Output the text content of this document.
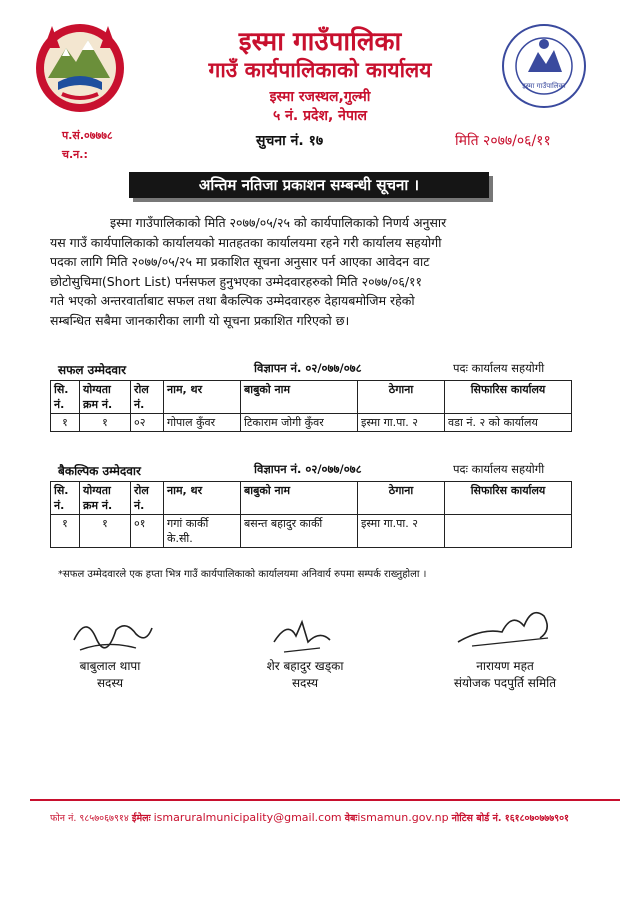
इस्मा गाउँपालिका
इस्मा गाउँपालिका
गाउँ कार्यपालिकाको कार्यालय
इस्मा रजस्थल,गुल्मी
५ नं. प्रदेश, नेपाल
प.सं.०७७७८
च.न.:
सुचना नं. १७	मिति २०७७/०६/११
अन्तिम नतिजा प्रकाशन सम्बन्धी सूचना ।
इस्मा गाउँपालिकाको मिति २०७७/०५/२५ को कार्यपालिकाको निणर्य अनुसार
यस गाउँ कार्यपालिकाको कार्यालयको मातहतका कार्यालयमा रहने गरी कार्यालय सहयोगी
पदका लागि मिति २०७७/०५/२५ मा प्रकाशित सूचना अनुसार पर्न आएका आवेदन वाट
छोटोसुचिमा(Short List) पर्नसफल हुनुभएका उम्मेदवारहरुको मिति २०७७/०६/११
गते भएको अन्तरवार्ताबाट सफल तथा बैकल्पिक उम्मेदवारहरु देहायबमोजिम रहेको
सम्बन्धित सबैमा जानकारीका लागी यो सूचना प्रकाशित गरिएको छ।
सफल उम्मेदवार	विज्ञापन नं. ०२/०७७/०७८	पदः कार्यालय सहयोगी
सि. नं.	योग्यता क्रम नं.	रोल नं.	नाम, थर	बाबुको नाम	ठेगाना	सिफारिस कार्यालय
१	१	०२	गोपाल कुँवर	टिकाराम जोगी कुँवर	इस्मा गा.पा. २	वडा नं. २ को कार्यालय
बैकल्पिक उम्मेदवार	विज्ञापन नं. ०२/०७७/०७८	पदः कार्यालय सहयोगी
सि. नं.	योग्यता क्रम नं.	रोल नं.	नाम, थर	बाबुको नाम	ठेगाना	सिफारिस कार्यालय
१	१	०१	गगां कार्की के.सी.	बसन्त बहादुर कार्की	इस्मा गा.पा. २	
*सफल उम्मेदवारले एक हप्ता भित्र गाउँ कार्यपालिकाको कार्यालयमा अनिवार्य रुपमा सम्पर्क राख्नुहोला ।
बाबुलाल थापा
सदस्य
शेर बहादुर खड्का
सदस्य
नारायण महत
संयोजक पदपुर्ति समिति
फोन नं. ९८५७०६७९१४ ईमेलः ismaruralmunicipality@gmail.com वेबःismamun.gov.np नोटिस बोर्ड नं. १६१८०७०७७७९०१
